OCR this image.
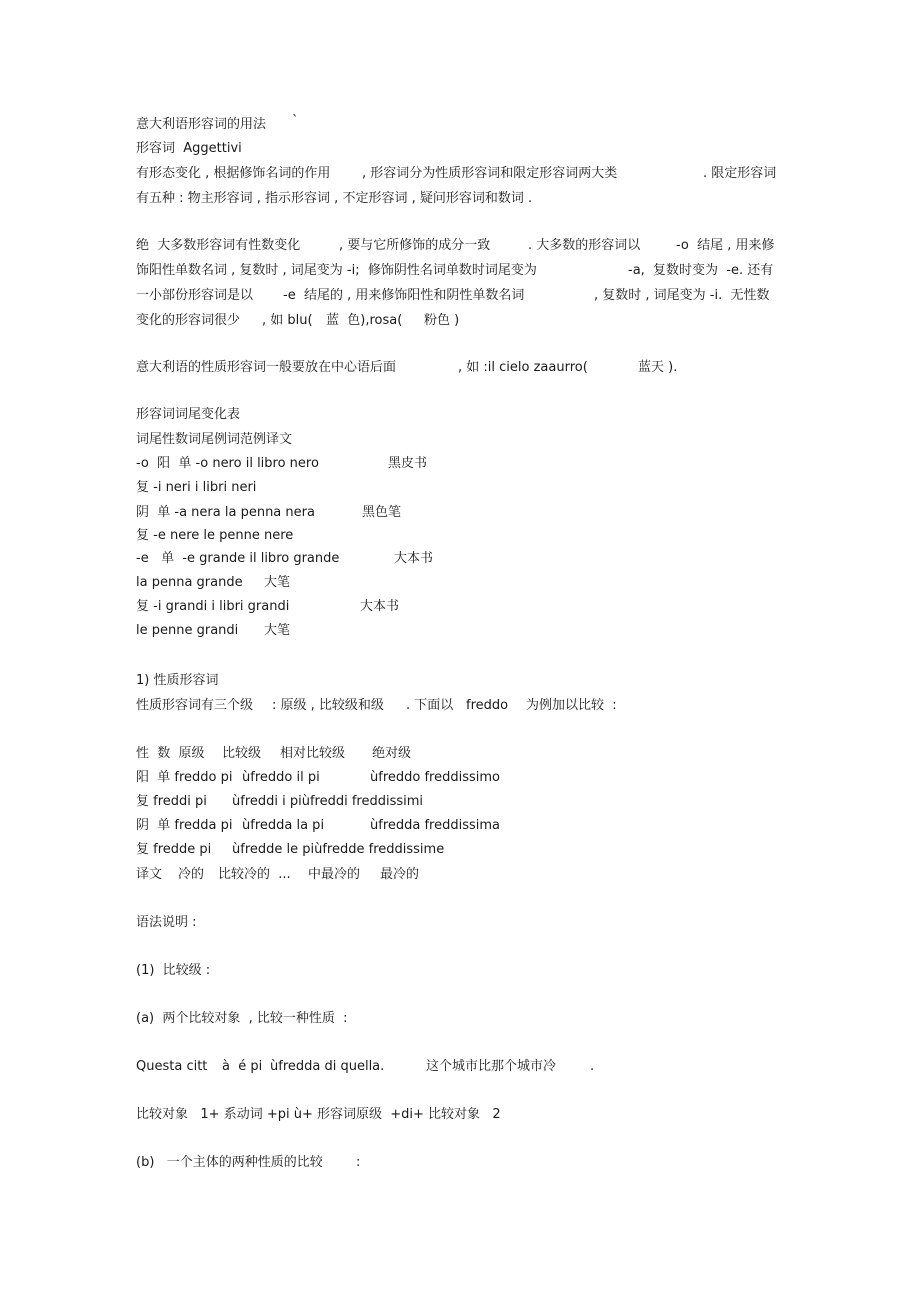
意大利语形容词的用法 `
形容词  Aggettivi
有形态变化 , 根据修饰名词的作用 , 形容词分为性质形容词和限定形容词两大类	. 限定形容词
有五种 : 物主形容词 , 指示形容词 , 不定形容词 , 疑问形容词和数词 .
绝  大多数形容词有性数变化	, 要与它所修饰的成分一致	. 大多数的形容词以	-o  结尾 , 用来修
饰阳性单数名词 , 复数时 , 词尾变为 -i;  修饰阴性名词单数时词尾变为	-a,  复数时变为  -e. 还有
一小部份形容词是以 -e  结尾的 , 用来修饰阳性和阴性单数名词	, 复数时 , 词尾变为 -i.  无性数
变化的形容词很少 , 如 blu( 蓝  色),rosa( 粉色 )
意大利语的性质形容词一般要放在中心语后面	, 如 :il cielo zaaurro(	蓝天 ).
形容词词尾变化表
词尾性数词尾例词范例译文
-o  阳  单 -o nero il libro nero	黑皮书
复 -i neri i libri neri
阴  单 -a nera la penna nera	黑色笔
复 -e nere le penne nere
-e   单  -e grande il libro grande	大本书
la penna grande 大笔
复 -i grandi i libri grandi	大本书
le penne grandi 大笔
1) 性质形容词
性质形容词有三个级 : 原级 , 比较级和级 . 下面以 freddo 为例加以比较  :
性  数  原级 比较级 相对比较级 绝对级
阳  单 freddo pi ùfreddo il pi	ùfreddo freddissimo
复 freddi pi ùfreddi i piùfreddi freddissimi
阴  单 fredda pi ùfredda la pi	ùfredda freddissima
复 fredde pi ùfredde le piùfredde freddissime
译文 冷的 比较冷的  ... 中最冷的 最冷的
语法说明 :
(1)  比较级 :
(a)  两个比较对象  , 比较一种性质  :
Questa citt à  é pi ùfredda di quella.	这个城市比那个城市冷	.
比较对象   1+ 系动词 +pi ù+ 形容词原级  +di+ 比较对象   2
(b)   一个主体的两种性质的比较	:
